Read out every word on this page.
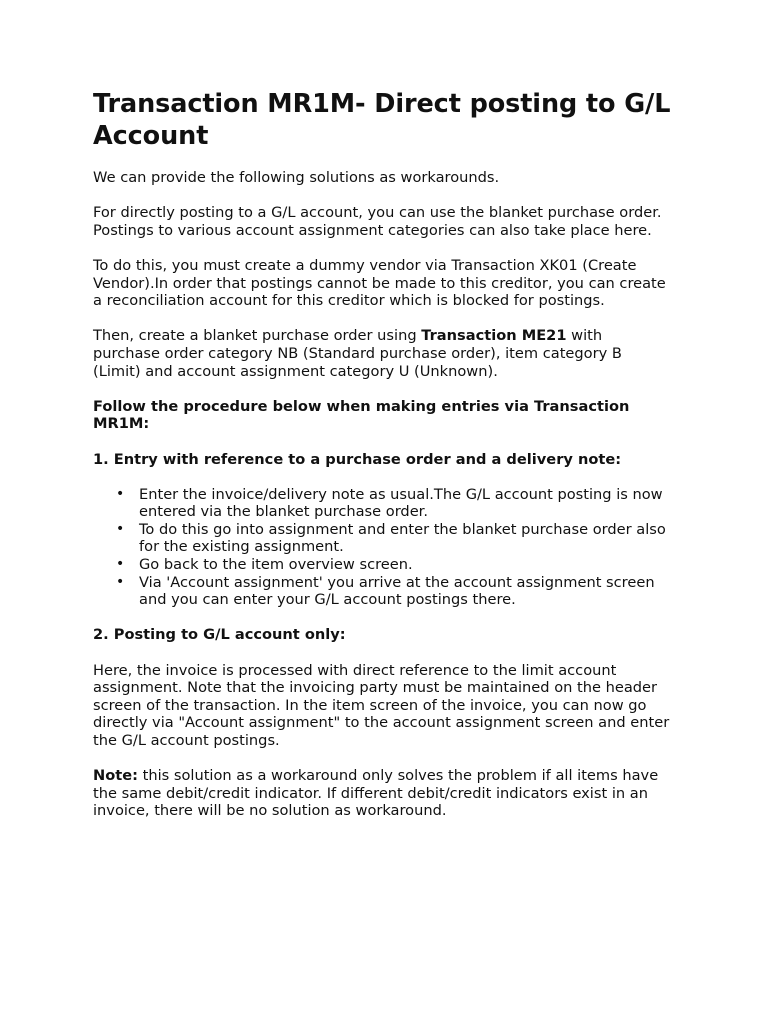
Transaction MR1M- Direct posting to G/L Account

We can provide the following solutions as workarounds.

For directly posting to a G/L account, you can use the blanket purchase order. Postings to various account assignment categories can also take place here.

To do this, you must create a dummy vendor via Transaction XK01 (Create Vendor).In order that postings cannot be made to this creditor, you can create a reconciliation account for this creditor which is blocked for postings.

Then, create a blanket purchase order using Transaction ME21 with purchase order category NB (Standard purchase order), item category B (Limit) and account assignment category U (Unknown).

Follow the procedure below when making entries via Transaction MR1M:

1. Entry with reference to a purchase order and a delivery note:

• Enter the invoice/delivery note as usual.The G/L account posting is now entered via the blanket purchase order.
• To do this go into assignment and enter the blanket purchase order also for the existing assignment.
• Go back to the item overview screen.
• Via 'Account assignment' you arrive at the account assignment screen and you can enter your G/L account postings there.

2. Posting to G/L account only:

Here, the invoice is processed with direct reference to the limit account assignment. Note that the invoicing party must be maintained on the header screen of the transaction. In the item screen of the invoice, you can now go directly via "Account assignment" to the account assignment screen and enter the G/L account postings.

Note: this solution as a workaround only solves the problem if all items have the same debit/credit indicator. If different debit/credit indicators exist in an invoice, there will be no solution as workaround.
